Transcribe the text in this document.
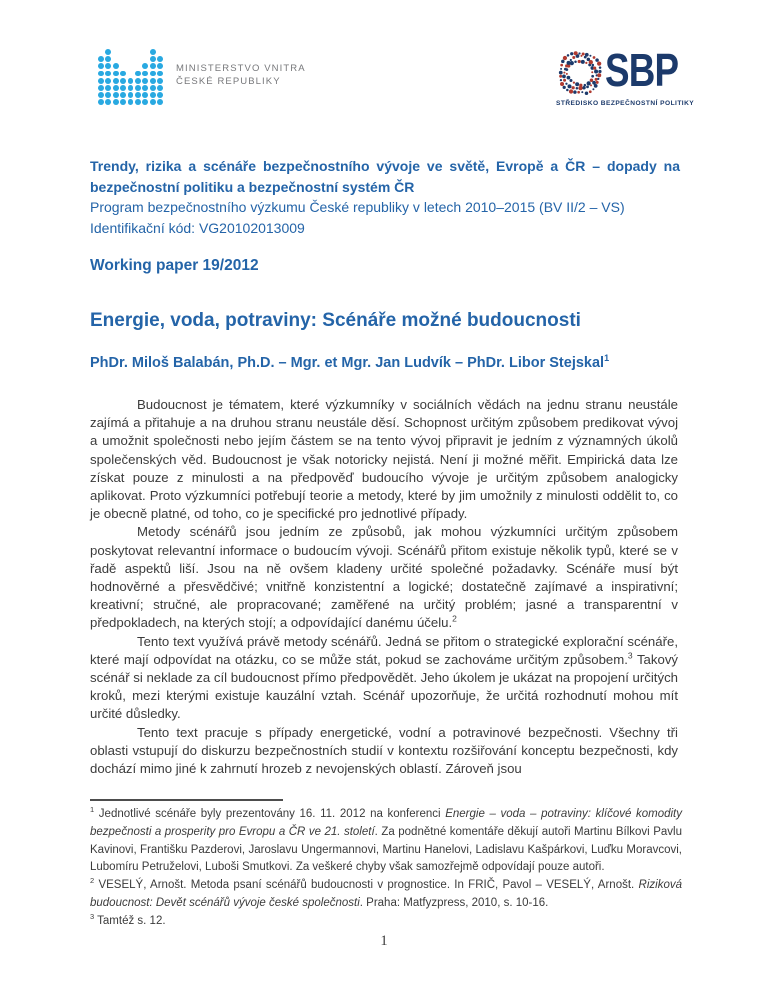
MINISTERSTVO VNITRA
ČESKÉ REPUBLIKY	SBP
STŘEDISKO BEZPEČNOSTNÍ POLITIKY
Trendy, rizika a scénáře bezpečnostního vývoje ve světě, Evropě a ČR – dopady na bezpečnostní politiku a bezpečnostní systém ČR
Program bezpečnostního výzkumu České republiky v letech 2010–2015 (BV II/2 – VS)
Identifikační kód: VG20102013009
Working paper 19/2012
Energie, voda, potraviny: Scénáře možné budoucnosti
PhDr. Miloš Balabán, Ph.D. – Mgr. et Mgr. Jan Ludvík – PhDr. Libor Stejskal$^1$
Budoucnost je tématem, které výzkumníky v sociálních vědách na jednu stranu neustále zajímá a přitahuje a na druhou stranu neustále děsí. Schopnost určitým způsobem predikovat vývoj a umožnit společnosti nebo jejím částem se na tento vývoj připravit je jedním z významných úkolů společenských věd. Budoucnost je však notoricky nejistá. Není ji možné měřit. Empirická data lze získat pouze z minulosti a na předpověď budoucího vývoje je určitým způsobem analogicky aplikovat. Proto výzkumníci potřebují teorie a metody, které by jim umožnily z minulosti oddělit to, co je obecně platné, od toho, co je specifické pro jednotlivé případy.
Metody scénářů jsou jedním ze způsobů, jak mohou výzkumníci určitým způsobem poskytovat relevantní informace o budoucím vývoji. Scénářů přitom existuje několik typů, které se v řadě aspektů liší. Jsou na ně ovšem kladeny určité společné požadavky. Scénáře musí být hodnověrné a přesvědčivé; vnitřně konzistentní a logické; dostatečně zajímavé a inspirativní; kreativní; stručné, ale propracované; zaměřené na určitý problém; jasné a transparentní v předpokladech, na kterých stojí; a odpovídající danému účelu.$^2$
Tento text využívá právě metody scénářů. Jedná se přitom o strategické explorační scénáře, které mají odpovídat na otázku, co se může stát, pokud se zachováme určitým způsobem.$^3$ Takový scénář si neklade za cíl budoucnost přímo předpovědět. Jeho úkolem je ukázat na propojení určitých kroků, mezi kterými existuje kauzální vztah. Scénář upozorňuje, že určitá rozhodnutí mohou mít určité důsledky.
Tento text pracuje s případy energetické, vodní a potravinové bezpečnosti. Všechny tři oblasti vstupují do diskurzu bezpečnostních studií v kontextu rozšiřování konceptu bezpečnosti, kdy dochází mimo jiné k zahrnutí hrozeb z nevojenských oblastí. Zároveň jsou
$^1$ Jednotlivé scénáře byly prezentovány 16. 11. 2012 na konferenci Energie – voda – potraviny: klíčové komodity bezpečnosti a prosperity pro Evropu a ČR ve 21. století. Za podnětné komentáře děkují autoři Martinu Bílkovi Pavlu Kavinovi, Františku Pazderovi, Jaroslavu Ungermannovi, Martinu Hanelovi, Ladislavu Kašpárkovi, Luďku Moravcovi, Lubomíru Petruželovi, Luboši Smutkovi. Za veškeré chyby však samozřejmě odpovídají pouze autoři.
$^2$ VESELÝ, Arnošt. Metoda psaní scénářů budoucnosti v prognostice. In FRIČ, Pavol – VESELÝ, Arnošt. Riziková budoucnost: Devět scénářů vývoje české společnosti. Praha: Matfyzpress, 2010, s. 10-16.
$^3$ Tamtéž s. 12.
1
